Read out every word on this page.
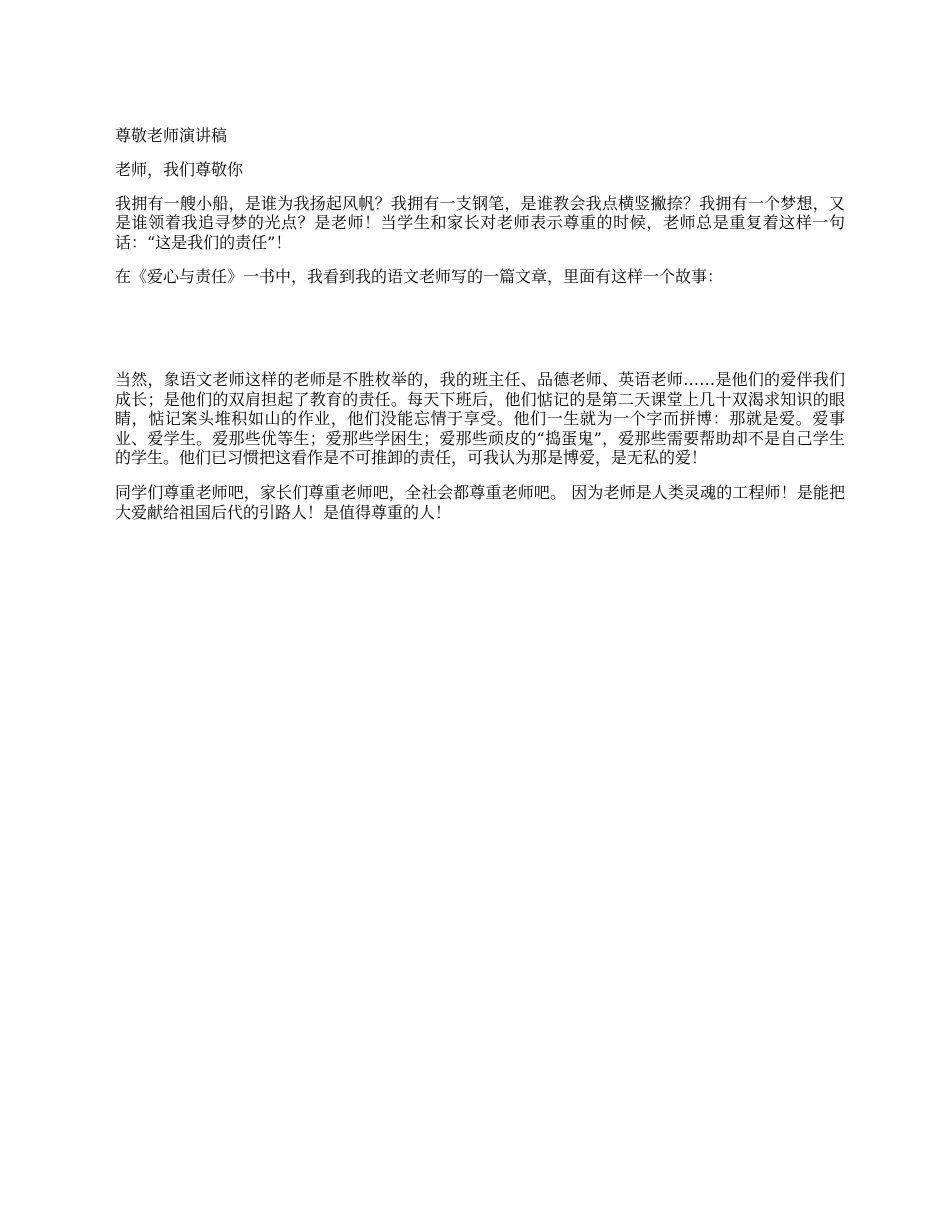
尊敬老师演讲稿

老师，我们尊敬你

我拥有一艘小船，是谁为我扬起风帆？我拥有一支钢笔，是谁教会我点横竖撇捺？我拥有一个梦想，又是谁领着我追寻梦的光点？是老师！当学生和家长对老师表示尊重的时候，老师总是重复着这样一句话：“这是我们的责任”！

在《爱心与责任》一书中，我看到我的语文老师写的一篇文章，里面有这样一个故事：

当然，象语文老师这样的老师是不胜枚举的，我的班主任、品德老师、英语老师……是他们的爱伴我们成长；是他们的双肩担起了教育的责任。每天下班后，他们惦记的是第二天课堂上几十双渴求知识的眼睛，惦记案头堆积如山的作业，他们没能忘情于享受。他们一生就为一个字而拼博：那就是爱。爱事业、爱学生。爱那些优等生；爱那些学困生；爱那些顽皮的“捣蛋鬼”，爱那些需要帮助却不是自己学生的学生。他们已习惯把这看作是不可推卸的责任，可我认为那是博爱，是无私的爱！

同学们尊重老师吧，家长们尊重老师吧，全社会都尊重老师吧。 因为老师是人类灵魂的工程师！是能把大爱献给祖国后代的引路人！是值得尊重的人！
